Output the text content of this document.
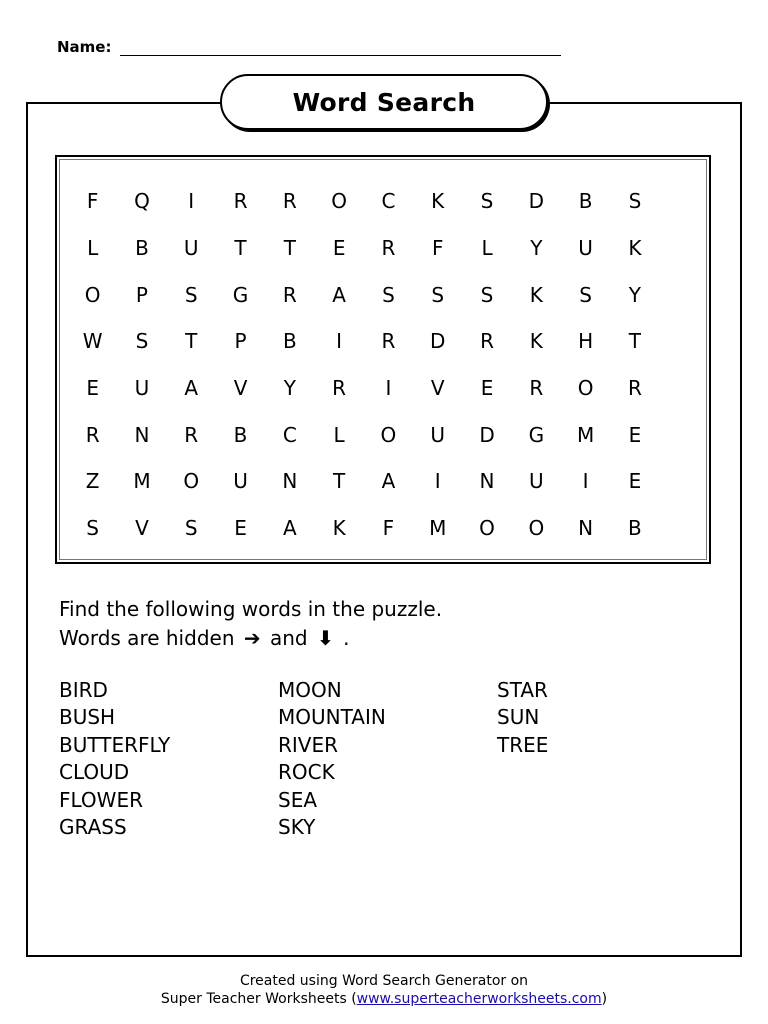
Name:
Word Search
F	Q	I	R	R	O	C	K	S	D	B	S
L	B	U	T	T	E	R	F	L	Y	U	K
O	P	S	G	R	A	S	S	S	K	S	Y
W	S	T	P	B	I	R	D	R	K	H	T
E	U	A	V	Y	R	I	V	E	R	O	R
R	N	R	B	C	L	O	U	D	G	M	E
Z	M	O	U	N	T	A	I	N	U	I	E
S	V	S	E	A	K	F	M	O	O	N	B
Find the following words in the puzzle.
Words are hidden ➔ and ⬇ .
BIRD
BUSH
BUTTERFLY
CLOUD
FLOWER
GRASS
MOON
MOUNTAIN
RIVER
ROCK
SEA
SKY
STAR
SUN
TREE
Created using Word Search Generator on
Super Teacher Worksheets (www.superteacherworksheets.com)
